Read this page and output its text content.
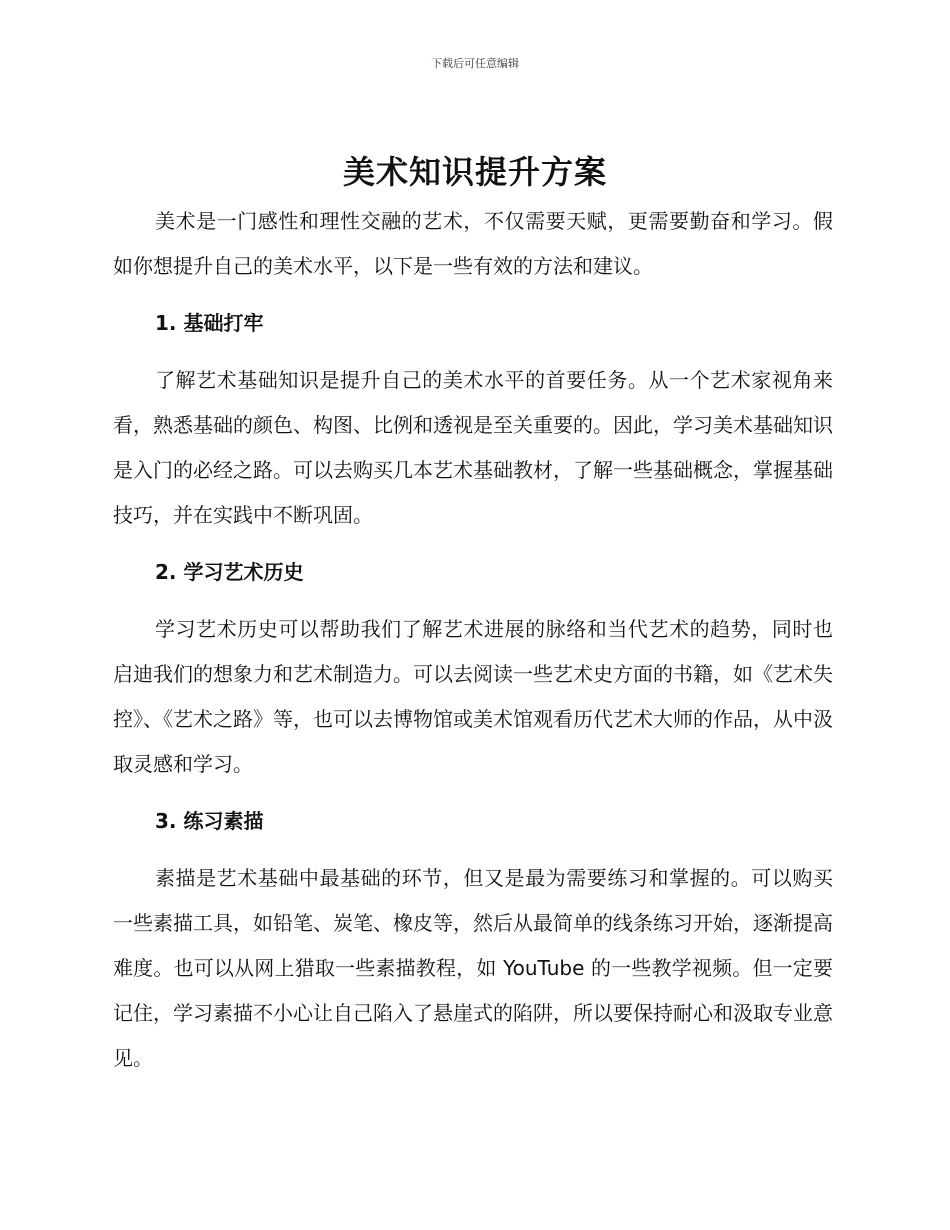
下载后可任意编辑
美术知识提升方案

美术是一门感性和理性交融的艺术，不仅需要天赋，更需要勤奋和学习。假如你想提升自己的美术水平，以下是一些有效的方法和建议。

1. 基础打牢

了解艺术基础知识是提升自己的美术水平的首要任务。从一个艺术家视角来看，熟悉基础的颜色、构图、比例和透视是至关重要的。因此，学习美术基础知识是入门的必经之路。可以去购买几本艺术基础教材，了解一些基础概念，掌握基础技巧，并在实践中不断巩固。

2. 学习艺术历史

学习艺术历史可以帮助我们了解艺术进展的脉络和当代艺术的趋势，同时也启迪我们的想象力和艺术制造力。可以去阅读一些艺术史方面的书籍，如《艺术失控》、《艺术之路》等，也可以去博物馆或美术馆观看历代艺术大师的作品，从中汲取灵感和学习。

3. 练习素描

素描是艺术基础中最基础的环节，但又是最为需要练习和掌握的。可以购买一些素描工具，如铅笔、炭笔、橡皮等，然后从最简单的线条练习开始，逐渐提高难度。也可以从网上猎取一些素描教程，如 YouTube 的一些教学视频。但一定要记住，学习素描不小心让自己陷入了悬崖式的陷阱，所以要保持耐心和汲取专业意见。
